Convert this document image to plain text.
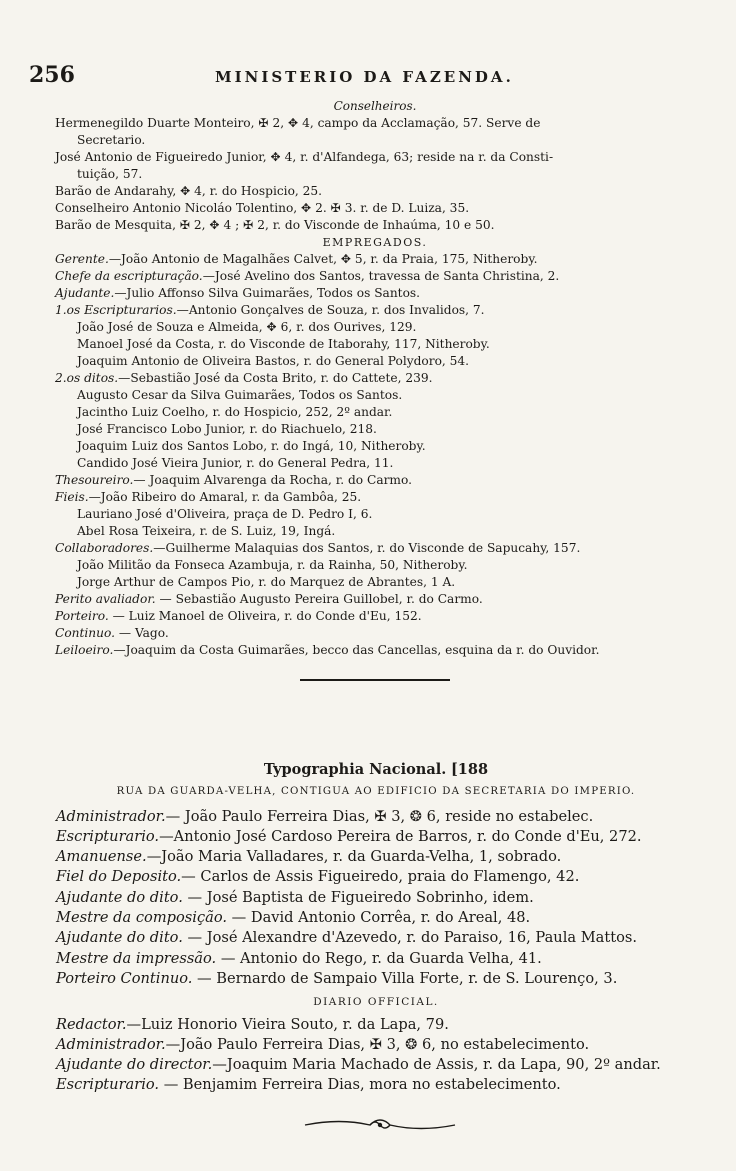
256	MINISTERIO DA FAZENDA.
Conselheiros.
Hermenegildo Duarte Monteiro, ✠ 2, ✥ 4, campo da Acclamação, 57. Serve de
Secretario.
José Antonio de Figueiredo Junior, ✥ 4, r. d'Alfandega, 63; reside na r. da Consti-
tuição, 57.
Barão de Andarahy, ✥ 4, r. do Hospicio, 25.
Conselheiro Antonio Nicoláo Tolentino, ✥ 2. ✠ 3. r. de D. Luiza, 35.
Barão de Mesquita, ✠ 2, ✥ 4 ; ✠ 2, r. do Visconde de Inhaúma, 10 e 50.
EMPREGADOS.
Gerente.—João Antonio de Magalhães Calvet, ✥ 5, r. da Praia, 175, Nitheroby.
Chefe da escripturação.—José Avelino dos Santos, travessa de Santa Christina, 2.
Ajudante.—Julio Affonso Silva Guimarães, Todos os Santos.
1.os Escripturarios.—Antonio Gonçalves de Souza, r. dos Invalidos, 7.
João José de Souza e Almeida, ✥ 6, r. dos Ourives, 129.
Manoel José da Costa, r. do Visconde de Itaborahy, 117, Nitheroby.
Joaquim Antonio de Oliveira Bastos, r. do General Polydoro, 54.
2.os ditos.—Sebastião José da Costa Brito, r. do Cattete, 239.
Augusto Cesar da Silva Guimarães, Todos os Santos.
Jacintho Luiz Coelho, r. do Hospicio, 252, 2º andar.
José Francisco Lobo Junior, r. do Riachuelo, 218.
Joaquim Luiz dos Santos Lobo, r. do Ingá, 10, Nitheroby.
Candido José Vieira Junior, r. do General Pedra, 11.
Thesoureiro.— Joaquim Alvarenga da Rocha, r. do Carmo.
Fieis.—João Ribeiro do Amaral, r. da Gambôa, 25.
Lauriano José d'Oliveira, praça de D. Pedro I, 6.
Abel Rosa Teixeira, r. de S. Luiz, 19, Ingá.
Collaboradores.—Guilherme Malaquias dos Santos, r. do Visconde de Sapucahy, 157.
João Militão da Fonseca Azambuja, r. da Rainha, 50, Nitheroby.
Jorge Arthur de Campos Pio, r. do Marquez de Abrantes, 1 A.
Perito avaliador. — Sebastião Augusto Pereira Guillobel, r. do Carmo.
Porteiro. — Luiz Manoel de Oliveira, r. do Conde d'Eu, 152.
Continuo. — Vago.
Leiloeiro.—Joaquim da Costa Guimarães, becco das Cancellas, esquina da r. do Ouvidor.
Typographia Nacional. [188
RUA DA GUARDA-VELHA, CONTIGUA AO EDIFICIO DA SECRETARIA DO IMPERIO.
Administrador.— João Paulo Ferreira Dias, ✠ 3, ❂ 6, reside no estabelec.
Escripturario.—Antonio José Cardoso Pereira de Barros, r. do Conde d'Eu, 272.
Amanuense.—João Maria Valladares, r. da Guarda-Velha, 1, sobrado.
Fiel do Deposito.— Carlos de Assis Figueiredo, praia do Flamengo, 42.
Ajudante do dito. — José Baptista de Figueiredo Sobrinho, idem.
Mestre da composição. — David Antonio Corrêa, r. do Areal, 48.
Ajudante do dito. — José Alexandre d'Azevedo, r. do Paraiso, 16, Paula Mattos.
Mestre da impressão. — Antonio do Rego, r. da Guarda Velha, 41.
Porteiro Continuo. — Bernardo de Sampaio Villa Forte, r. de S. Lourenço, 3.
DIARIO OFFICIAL.
Redactor.—Luiz Honorio Vieira Souto, r. da Lapa, 79.
Administrador.—João Paulo Ferreira Dias, ✠ 3, ❂ 6, no estabelecimento.
Ajudante do director.—Joaquim Maria Machado de Assis, r. da Lapa, 90, 2º andar.
Escripturario. — Benjamim Ferreira Dias, mora no estabelecimento.
